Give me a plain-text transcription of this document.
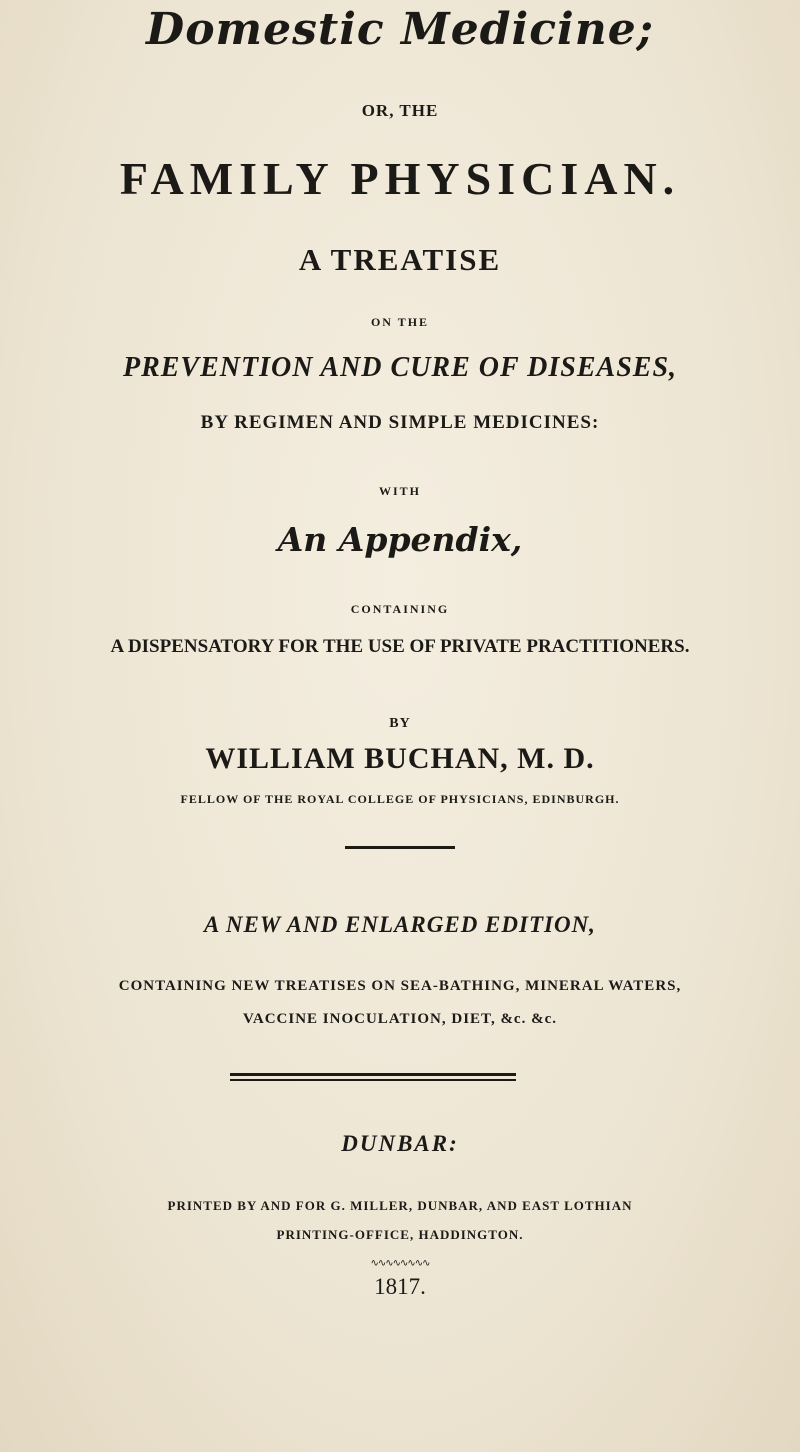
Domestic Medicine;
OR, THE
FAMILY PHYSICIAN.
A TREATISE
ON THE
PREVENTION AND CURE OF DISEASES,
BY REGIMEN AND SIMPLE MEDICINES:
WITH
An Appendix,
CONTAINING
A DISPENSATORY FOR THE USE OF PRIVATE PRACTITIONERS.
BY
WILLIAM BUCHAN, M. D.
FELLOW OF THE ROYAL COLLEGE OF PHYSICIANS, EDINBURGH.
A NEW AND ENLARGED EDITION,
CONTAINING NEW TREATISES ON SEA-BATHING, MINERAL WATERS,
VACCINE INOCULATION, DIET, &c. &c.
DUNBAR:
PRINTED BY AND FOR G. MILLER, DUNBAR, AND EAST LOTHIAN
PRINTING-OFFICE, HADDINGTON.
∿∿∿∿∿∿∿∿
1817.
